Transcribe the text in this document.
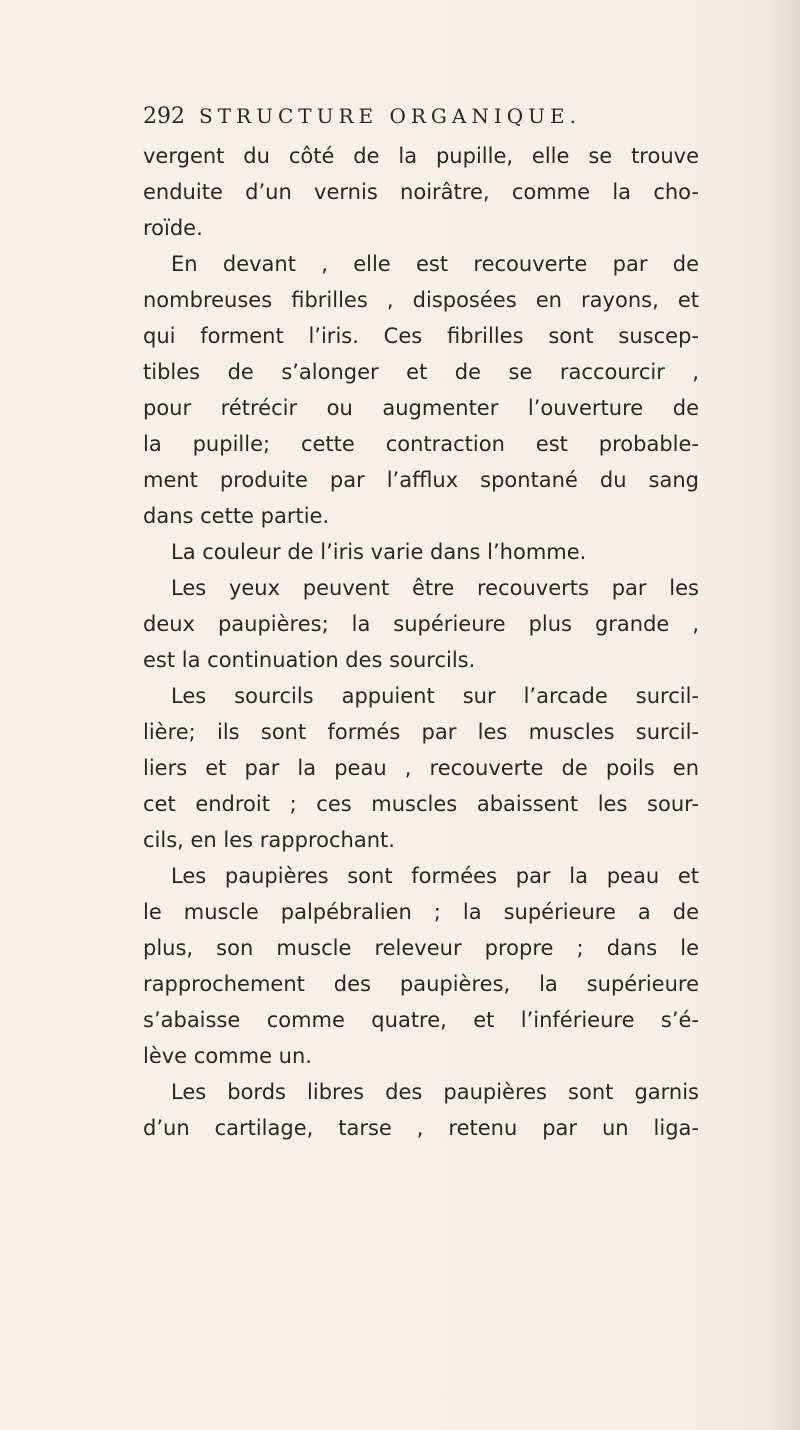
292 STRUCTURE ORGANIQUE.
vergent du côté de la pupille, elle se trouve
enduite d’un vernis noirâtre, comme la cho-
roïde.
En devant , elle est recouverte par de
nombreuses fibrilles , disposées en rayons, et
qui forment l’iris. Ces fibrilles sont suscep-
tibles de s’alonger et de se raccourcir ,
pour rétrécir ou augmenter l’ouverture de
la pupille; cette contraction est probable-
ment produite par l’afflux spontané du sang
dans cette partie.
La couleur de l’iris varie dans l’homme.
Les yeux peuvent être recouverts par les
deux paupières; la supérieure plus grande ,
est la continuation des sourcils.
Les sourcils appuient sur l’arcade surcil-
lière; ils sont formés par les muscles surcil-
liers et par la peau , recouverte de poils en
cet endroit ; ces muscles abaissent les sour-
cils, en les rapprochant.
Les paupières sont formées par la peau et
le muscle palpébralien ; la supérieure a de
plus, son muscle releveur propre ; dans le
rapprochement des paupières, la supérieure
s’abaisse comme quatre, et l’inférieure s’é-
lève comme un.
Les bords libres des paupières sont garnis
d’un cartilage, tarse , retenu par un liga-
